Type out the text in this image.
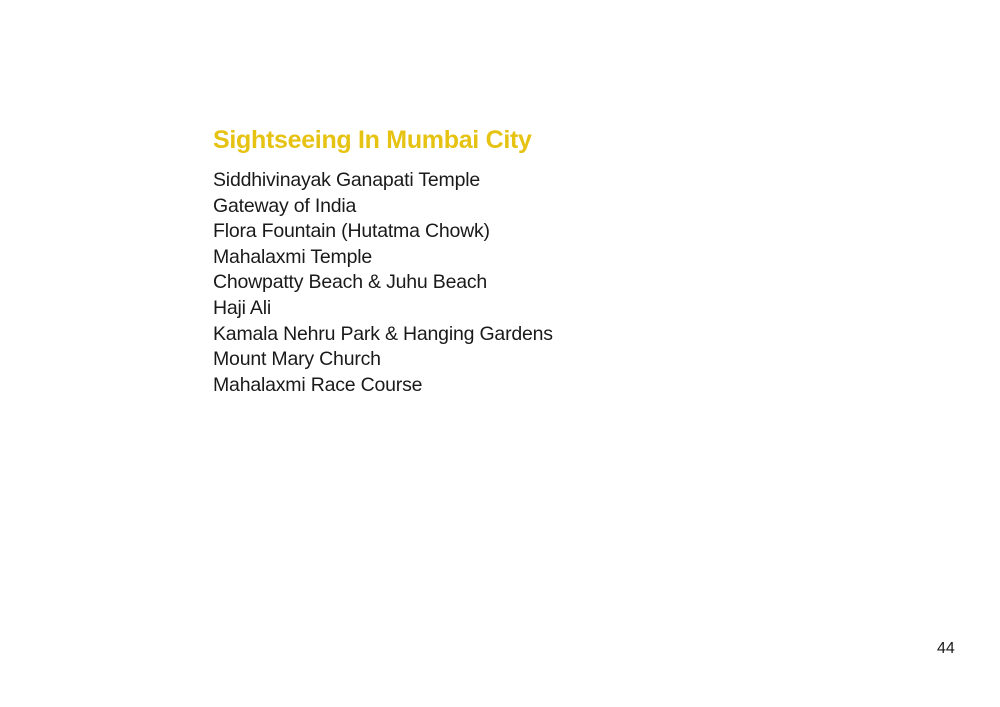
Sightseeing In Mumbai City
Siddhivinayak Ganapati Temple
Gateway of India
Flora Fountain (Hutatma Chowk)
Mahalaxmi Temple
Chowpatty Beach & Juhu Beach
Haji Ali
Kamala Nehru Park & Hanging Gardens
Mount Mary Church
Mahalaxmi Race Course
44
